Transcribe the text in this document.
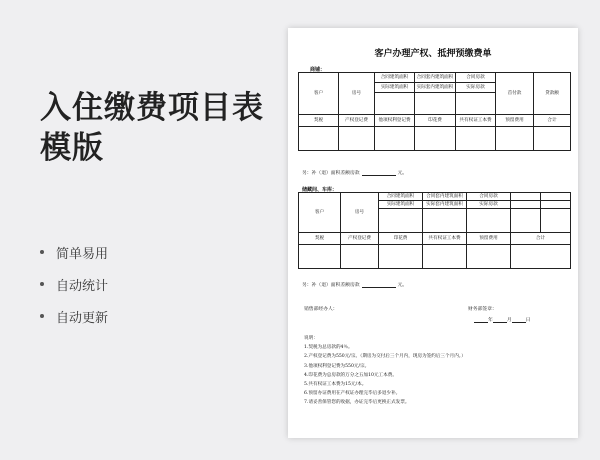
入住缴费项目表
模版
简单易用
自动统计
自动更新
客户办理产权、抵押预缴费单
商铺：
客户	房号	合同建筑面积	合同套内建筑面积	合同房款	首付款	贷款额
		实际建筑面积	实际套内建筑面积	实际房款		

契税	产权登记费	他项权利登记费	印花费	共有权证工本费	预留费用	合计

另：补（退）面积差额房款	元。
储藏间、车库：
客户	房号	合同建筑面积	合同套内建筑面积	合同房款		
		实际建筑面积	实际套内建筑面积	实际房款		

契税	产权登记费	印花费	共有权证工本费	预留费用	合计	

另：补（退）面积差额房款	元。
销售部经办人：	财务部签章：
年	月	日
说明：
1.契税为总房款的4％。
2.产权登记费为550元/宗。（期房为交付后三个月内，现房为签约后三个月内。）
3.他项权利登记费为550元/宗。
4.印花费为总房款的万分之五加10元工本费。
5.共有权证工本费为15元/本。
6.预留办证费用在产权证办理完毕后多退少补。
7.请妥善保管您的收据，办证完毕后更换正式发票。
